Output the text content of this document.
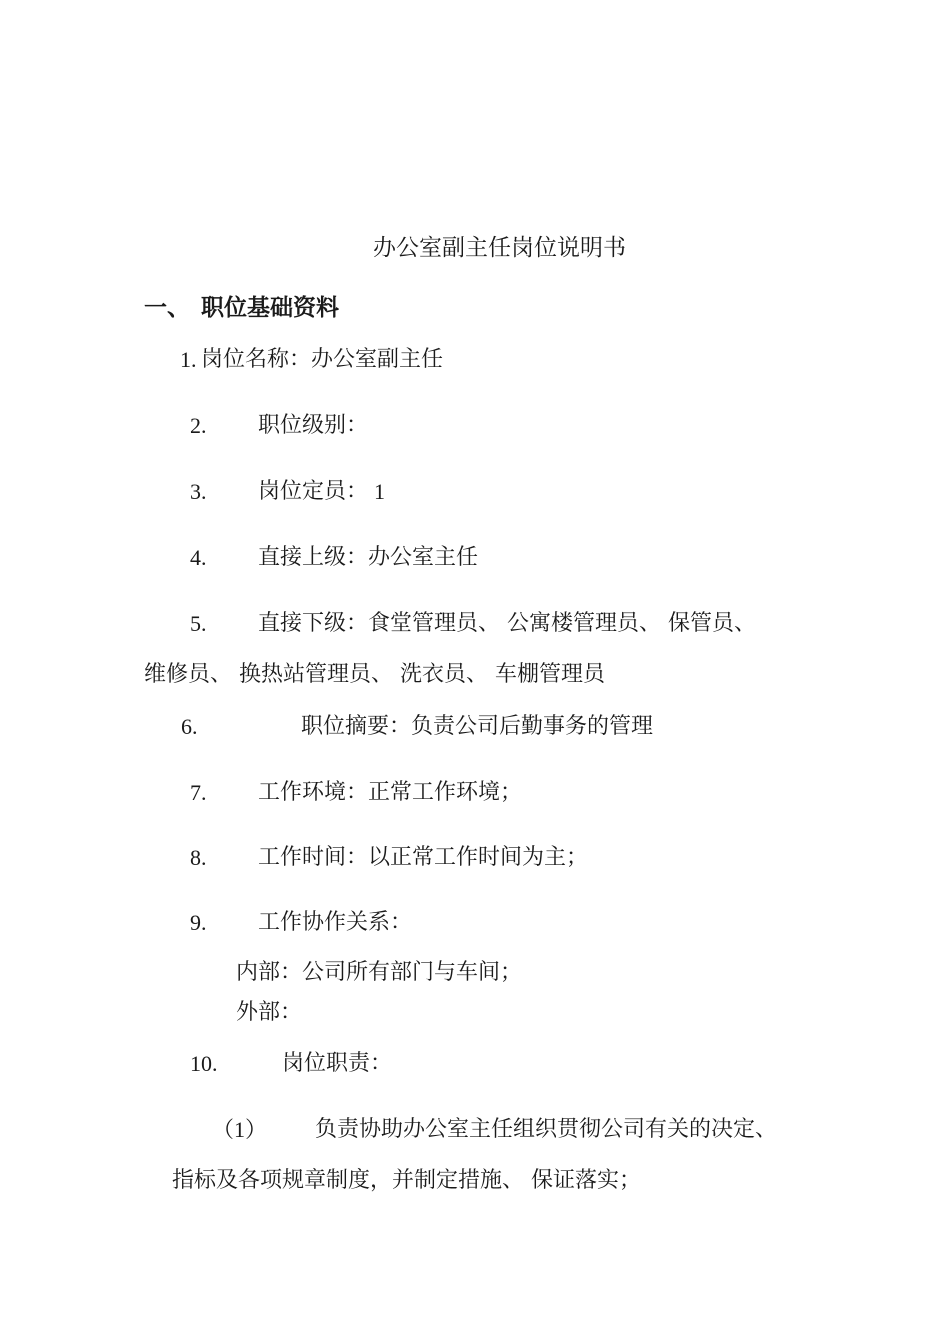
办公室副主任岗位说明书
一、 职位基础资料
1. 岗位名称：办公室副主任
2. 职位级别：
3. 岗位定员： 1
4. 直接上级：办公室主任
5. 直接下级：食堂管理员、 公寓楼管理员、 保管员、
维修员、 换热站管理员、 洗衣员、 车棚管理员
6.	职位摘要：负责公司后勤事务的管理
7. 工作环境：正常工作环境；
8. 工作时间：以正常工作时间为主；
9. 工作协作关系：
内部：公司所有部门与车间；
外部：
10.	岗位职责：
（1） 负责协助办公室主任组织贯彻公司有关的决定、
指标及各项规章制度，并制定措施、 保证落实；
